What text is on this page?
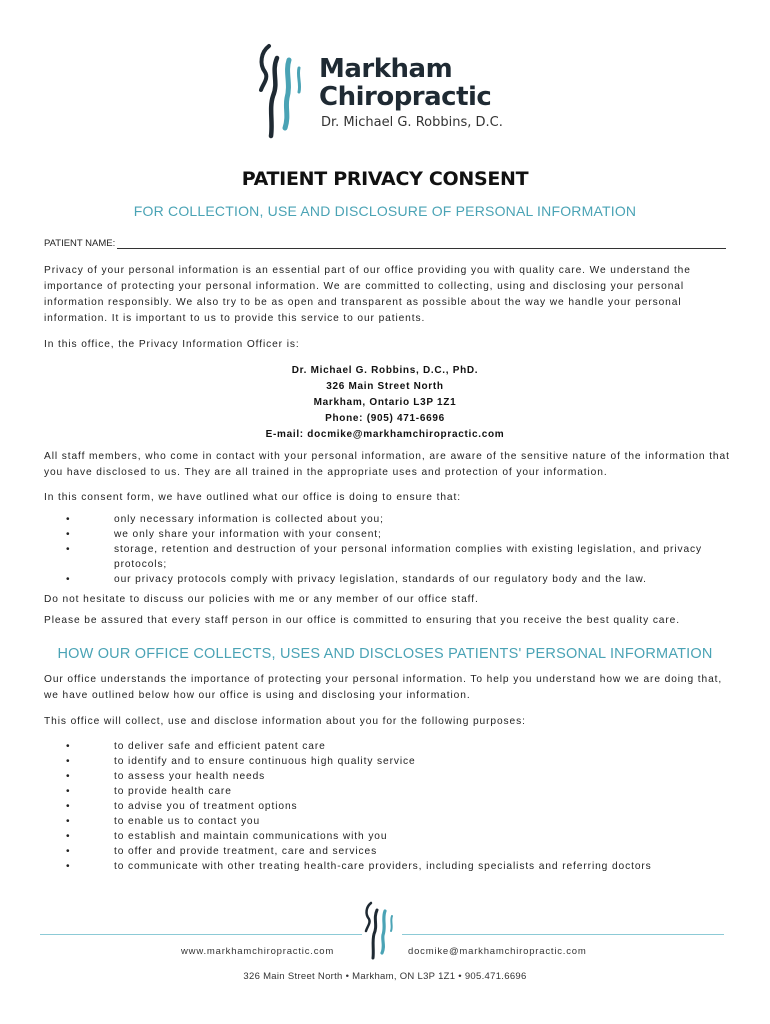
Markham
Chiropractic
Dr. Michael G. Robbins, D.C.
PATIENT PRIVACY CONSENT
FOR COLLECTION, USE AND DISCLOSURE OF PERSONAL INFORMATION
PATIENT NAME:
Privacy of your personal information is an essential part of our office providing you with quality care. We understand the importance of protecting your personal information. We are committed to collecting, using and disclosing your personal information responsibly. We also try to be as open and transparent as possible about the way we handle your personal information. It is important to us to provide this service to our patients.
In this office, the Privacy Information Officer is:
Dr. Michael G. Robbins, D.C., PhD.
326 Main Street North
Markham, Ontario L3P 1Z1
Phone: (905) 471-6696
E-mail: docmike@markhamchiropractic.com
All staff members, who come in contact with your personal information, are aware of the sensitive nature of the information that you have disclosed to us. They are all trained in the appropriate uses and protection of your information.
In this consent form, we have outlined what our office is doing to ensure that:
•	only necessary information is collected about you;
•	we only share your information with your consent;
•	storage, retention and destruction of your personal information complies with existing legislation, and privacy protocols;
•	our privacy protocols comply with privacy legislation, standards of our regulatory body and the law.
Do not hesitate to discuss our policies with me or any member of our office staff.
Please be assured that every staff person in our office is committed to ensuring that you receive the best quality care.
HOW OUR OFFICE COLLECTS, USES AND DISCLOSES PATIENTS' PERSONAL INFORMATION
Our office understands the importance of protecting your personal information. To help you understand how we are doing that, we have outlined below how our office is using and disclosing your information.
This office will collect, use and disclose information about you for the following purposes:
•	to deliver safe and efficient patent care
•	to identify and to ensure continuous high quality service
•	to assess your health needs
•	to provide health care
•	to advise you of treatment options
•	to enable us to contact you
•	to establish and maintain communications with you
•	to offer and provide treatment, care and services
•	to communicate with other treating health-care providers, including specialists and referring doctors
www.markhamchiropractic.com	docmike@markhamchiropractic.com
326 Main Street North • Markham, ON L3P 1Z1 • 905.471.6696
